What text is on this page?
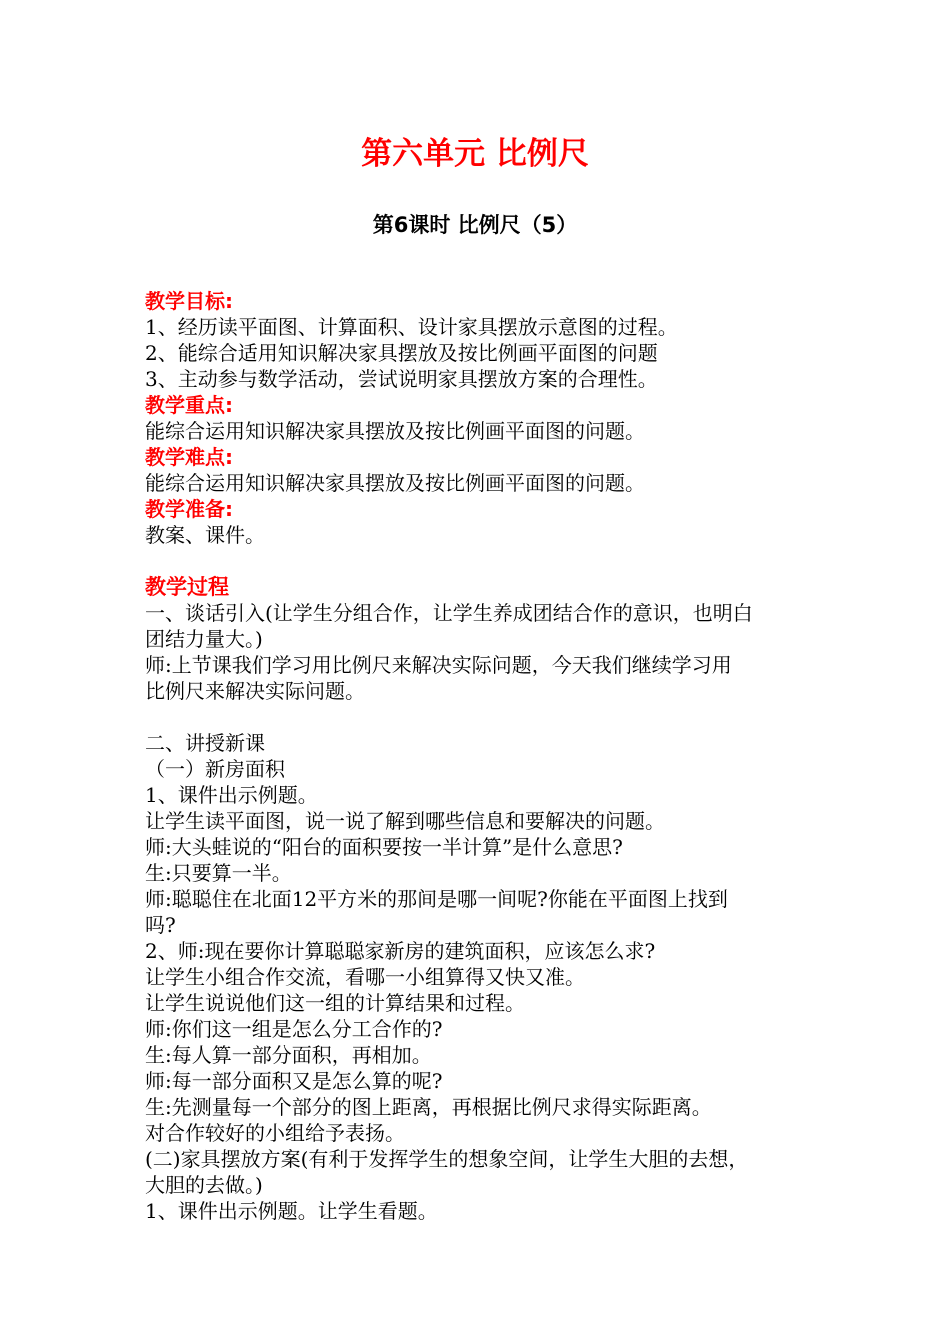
第六单元 比例尺
第6课时 比例尺（5）
教学目标:
1、经历读平面图、计算面积、设计家具摆放示意图的过程。
2、能综合适用知识解决家具摆放及按比例画平面图的问题
3、主动参与数学活动，尝试说明家具摆放方案的合理性。
教学重点:
能综合运用知识解决家具摆放及按比例画平面图的问题。
教学难点:
能综合运用知识解决家具摆放及按比例画平面图的问题。
教学准备:
教案、课件。
教学过程
一、谈话引入(让学生分组合作，让学生养成团结合作的意识，也明白
团结力量大。)
师:上节课我们学习用比例尺来解决实际问题，今天我们继续学习用
比例尺来解决实际问题。
二、讲授新课
（一）新房面积
1、课件出示例题。
让学生读平面图，说一说了解到哪些信息和要解决的问题。
师:大头蛙说的“阳台的面积要按一半计算”是什么意思?
生:只要算一半。
师:聪聪住在北面12平方米的那间是哪一间呢?你能在平面图上找到
吗?
2、师:现在要你计算聪聪家新房的建筑面积，应该怎么求?
让学生小组合作交流，看哪一小组算得又快又准。
让学生说说他们这一组的计算结果和过程。
师:你们这一组是怎么分工合作的?
生:每人算一部分面积，再相加。
师:每一部分面积又是怎么算的呢?
生:先测量每一个部分的图上距离，再根据比例尺求得实际距离。
对合作较好的小组给予表扬。
(二)家具摆放方案(有利于发挥学生的想象空间，让学生大胆的去想，
大胆的去做。)
1、课件出示例题。让学生看题。
